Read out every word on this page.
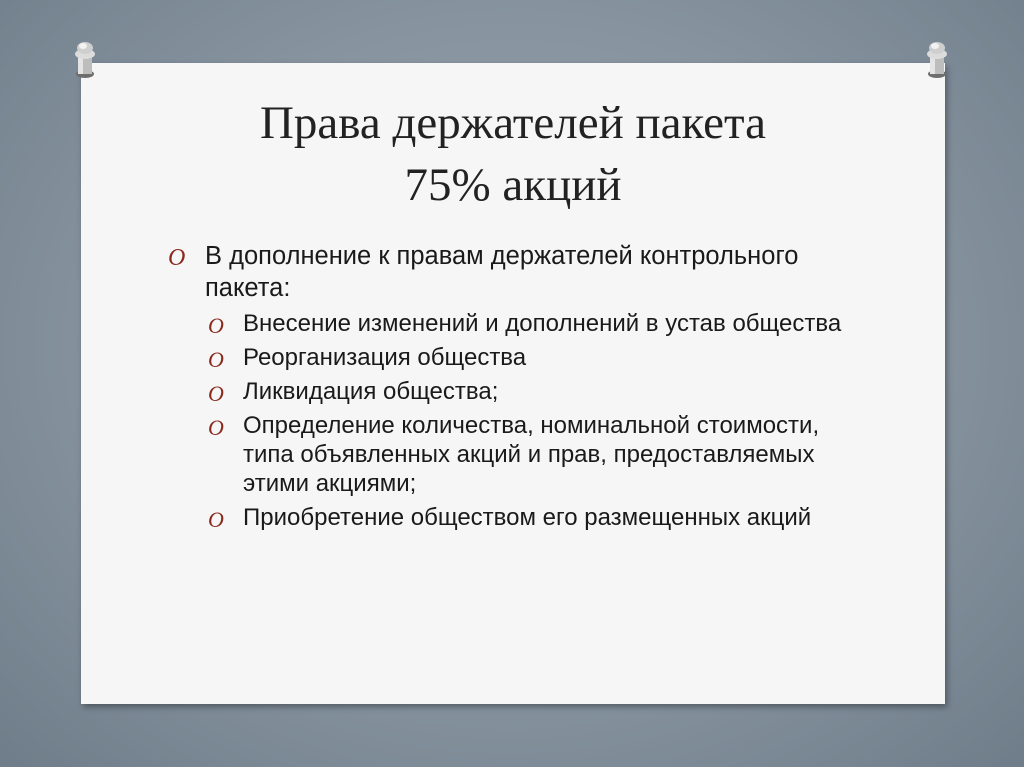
Права держателей пакета
75% акций
O В дополнение к правам держателей контрольного пакета:
O Внесение изменений и дополнений в устав общества
O Реорганизация общества
O Ликвидация общества;
O Определение количества, номинальной стоимости, типа объявленных акций и прав, предоставляемых этими акциями;
O Приобретение обществом его размещенных акций
